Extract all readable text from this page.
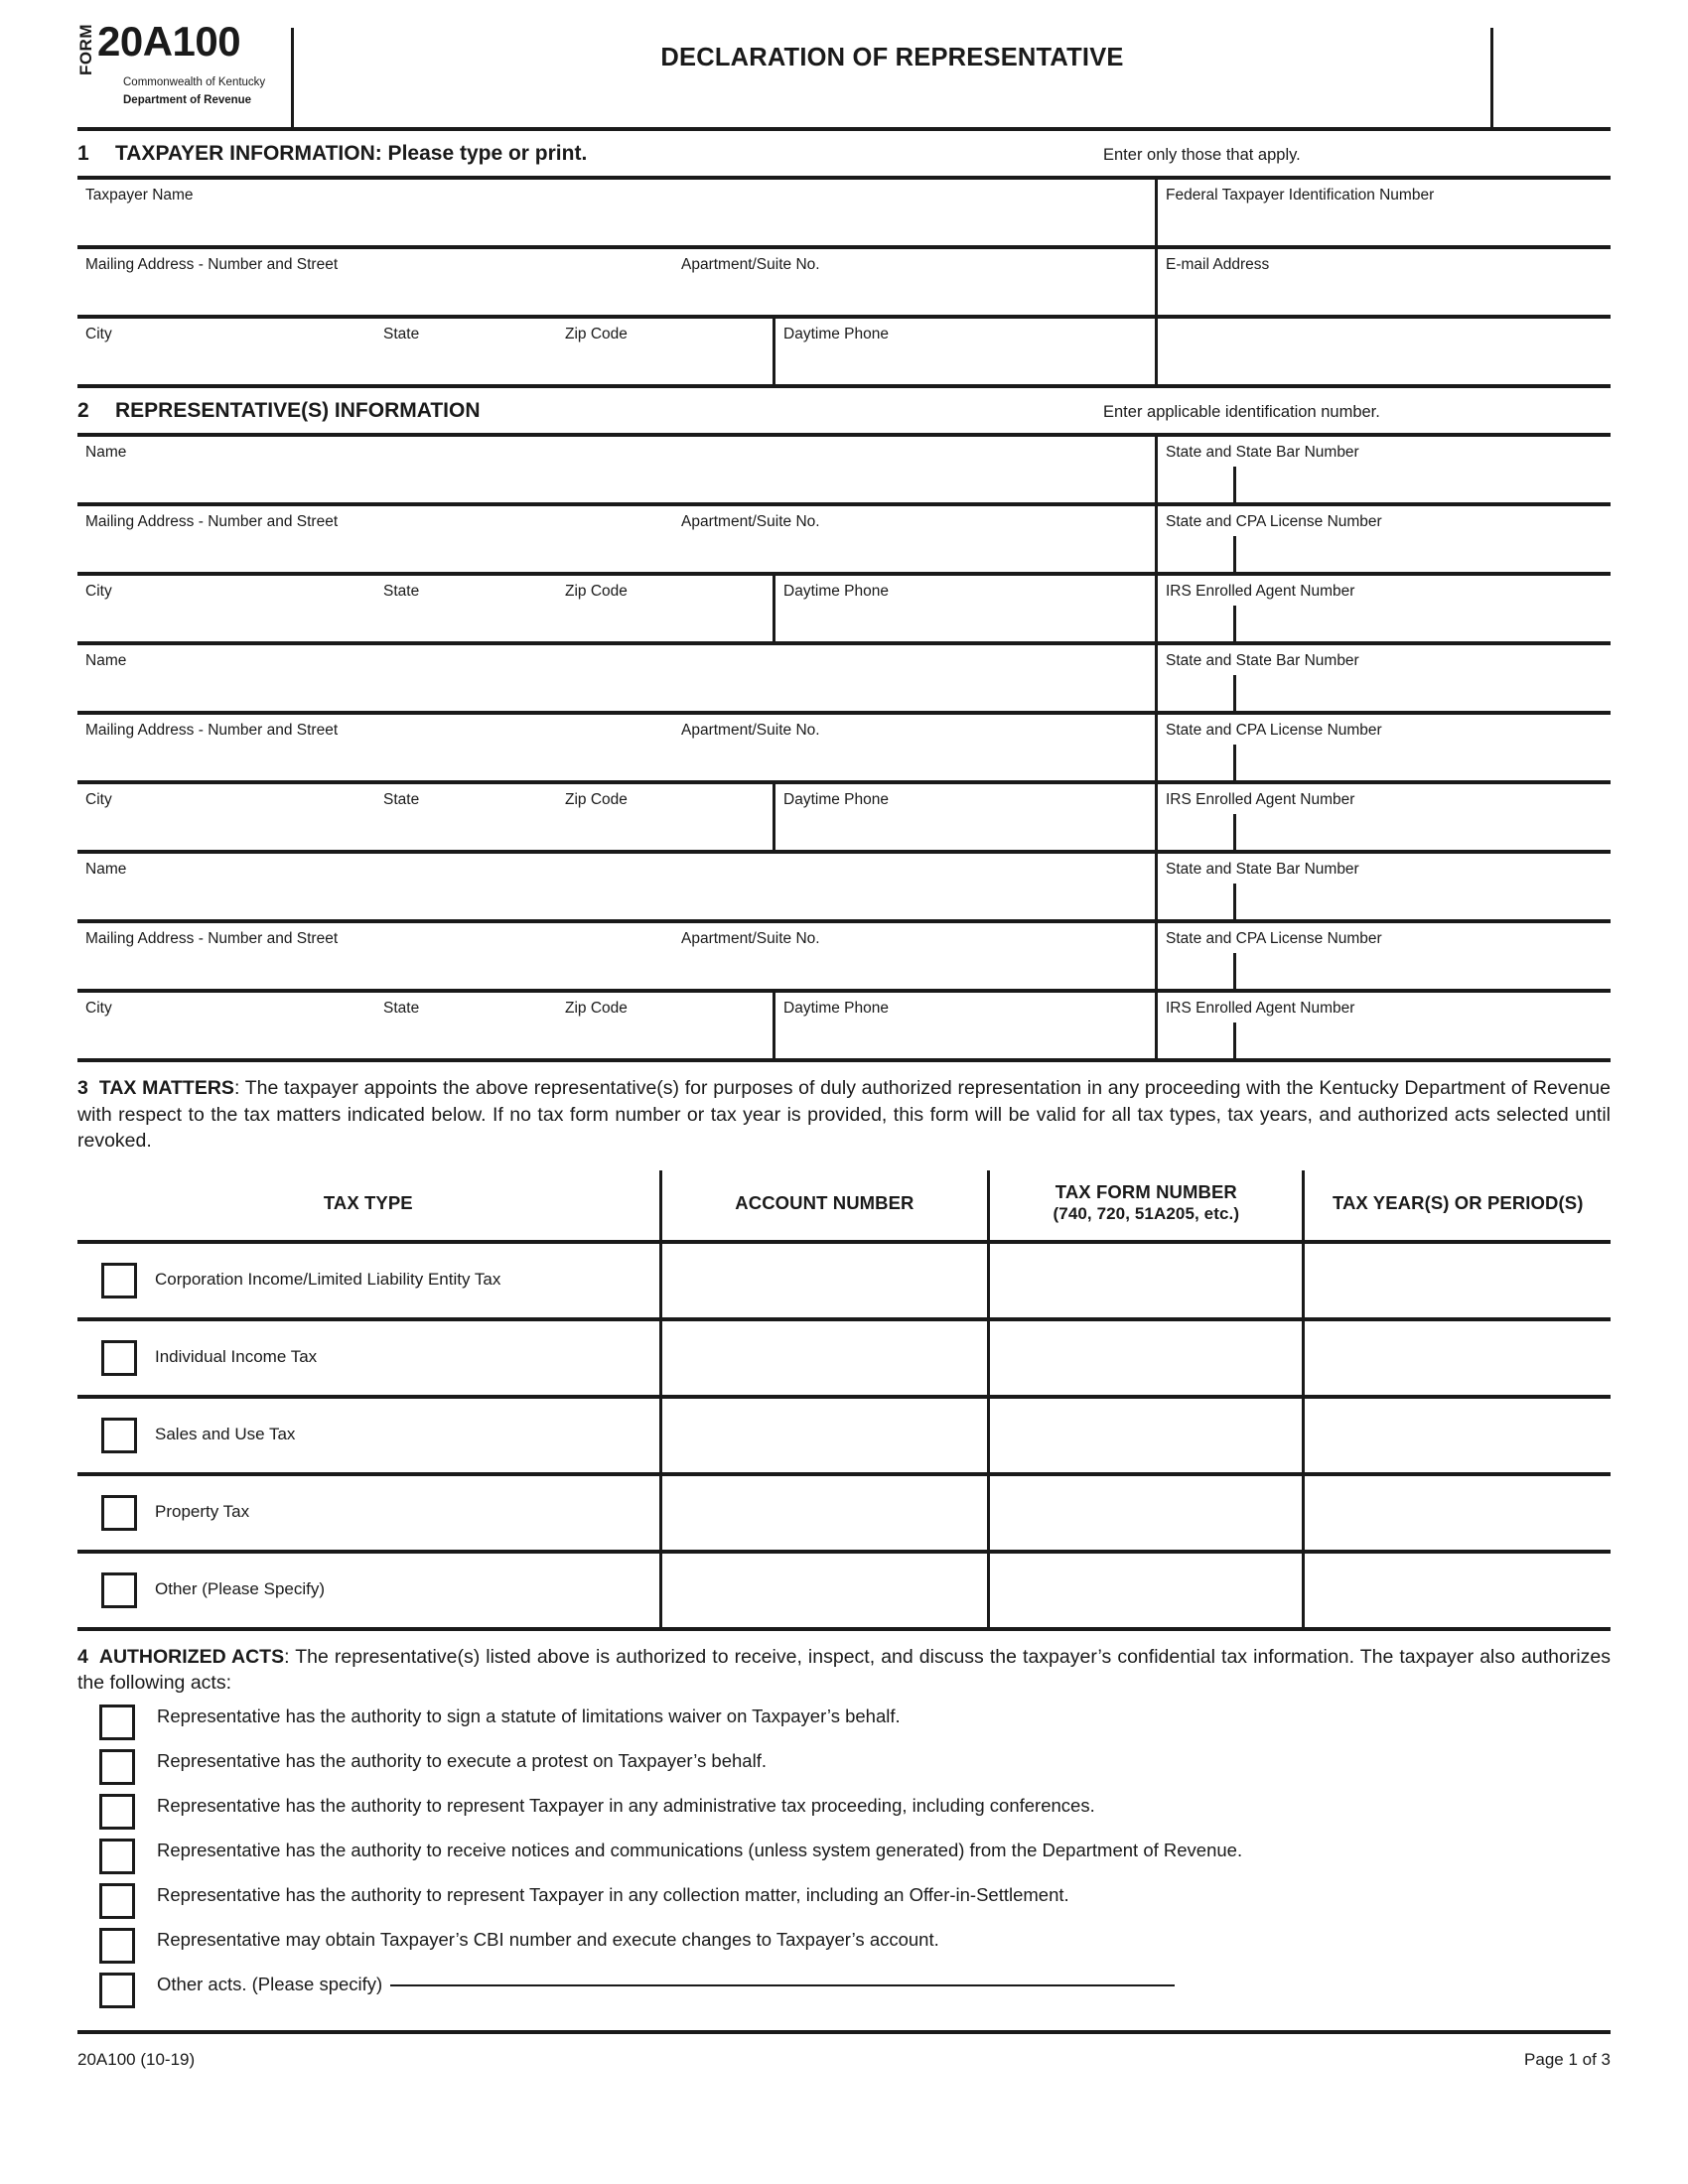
FORM 20A100
Commonwealth of Kentucky
Department of Revenue
DECLARATION OF REPRESENTATIVE
1	TAXPAYER INFORMATION: Please type or print.	Enter only those that apply.
Taxpayer Name	Federal Taxpayer Identification Number
Mailing Address - Number and Street	Apartment/Suite No.	E-mail Address
City	State	Zip Code	Daytime Phone
2	REPRESENTATIVE(S) INFORMATION	Enter applicable identification number.
Name	State and State Bar Number
Mailing Address - Number and Street	Apartment/Suite No.	State and CPA License Number
City	State	Zip Code	Daytime Phone	IRS Enrolled Agent Number
Name	State and State Bar Number
Mailing Address - Number and Street	Apartment/Suite No.	State and CPA License Number
City	State	Zip Code	Daytime Phone	IRS Enrolled Agent Number
Name	State and State Bar Number
Mailing Address - Number and Street	Apartment/Suite No.	State and CPA License Number
City	State	Zip Code	Daytime Phone	IRS Enrolled Agent Number
3 TAX MATTERS: The taxpayer appoints the above representative(s) for purposes of duly authorized representation in any proceeding with the Kentucky Department of Revenue with respect to the tax matters indicated below. If no tax form number or tax year is provided, this form will be valid for all tax types, tax years, and authorized acts selected until revoked.
TAX TYPE	ACCOUNT NUMBER	TAX FORM NUMBER
(740, 720, 51A205, etc.)	TAX YEAR(S) OR PERIOD(S)

Corporation Income/Limited Liability Entity Tax			

Individual Income Tax			

Sales and Use Tax			

Property Tax			

Other (Please Specify)			

4 AUTHORIZED ACTS: The representative(s) listed above is authorized to receive, inspect, and discuss the taxpayer’s confidential tax information. The taxpayer also authorizes the following acts:
Representative has the authority to sign a statute of limitations waiver on Taxpayer’s behalf.
Representative has the authority to execute a protest on Taxpayer’s behalf.
Representative has the authority to represent Taxpayer in any administrative tax proceeding, including conferences.
Representative has the authority to receive notices and communications (unless system generated) from the Department of Revenue.
Representative has the authority to represent Taxpayer in any collection matter, including an Offer-in-Settlement.
Representative may obtain Taxpayer’s CBI number and execute changes to Taxpayer’s account.
Other acts. (Please specify)
20A100 (10-19)	Page 1 of 3
